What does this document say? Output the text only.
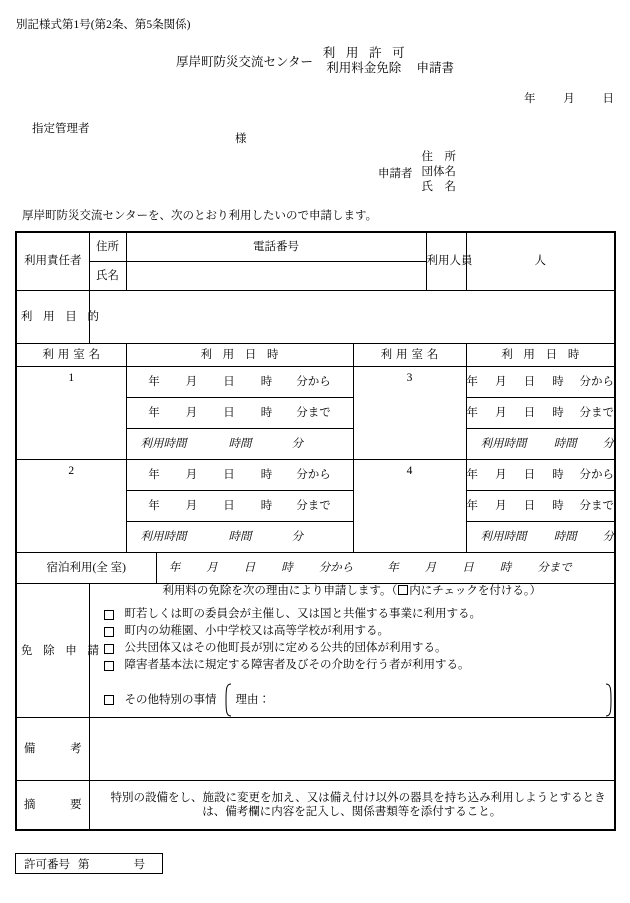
別記様式第1号(第2条、第5条関係)
厚岸町防災交流センター
利 用 許 可
利用料金免除	申請書
年 月 日
指定管理者
様
申請者
住　所
団体名
氏　名
厚岸町防災交流センターを、次のとおり利用したいので申請します。
利用責任者	住所	電話番号			利用人員	人
	氏名					
利 用 目 的						
利用室名		利 用 日 時		利用室名		利 用 日 時
1		年 月 日 時 分から		3		年 月 日 時 分から

		年 月 日 時 分まで				年 月 日 時 分まで

		利用時間 時間 分				利用時間 時間 分

2		年 月 日 時 分から		4		年 月 日 時 分から

		年 月 日 時 分まで				年 月 日 時 分まで

		利用時間 時間 分				利用時間 時間 分

宿泊利用(全 室)	年 月 日 時 分から	年 月 日 時 分まで

免 除 申 請	
利用料の免除を次の理由により申請します。（ 内にチェックを付ける。）
町若しくは町の委員会が主催し、又は国と共催する事業に利用する。
町内の幼稚園、小中学校又は高等学校が利用する。
公共団体又はその他町長が別に定める公共的団体が利用する。
障害者基本法に規定する障害者及びその介助を行う者が利用する。
その他特別の事情 理由：

備　　考						
摘　　要	特別の設備をし、施設に変更を加え、又は備え付け以外の器具を持ち込み利用しようとするときは、備考欄に内容を記入し、関係書類等を添付すること。					
許可番号 第	号
